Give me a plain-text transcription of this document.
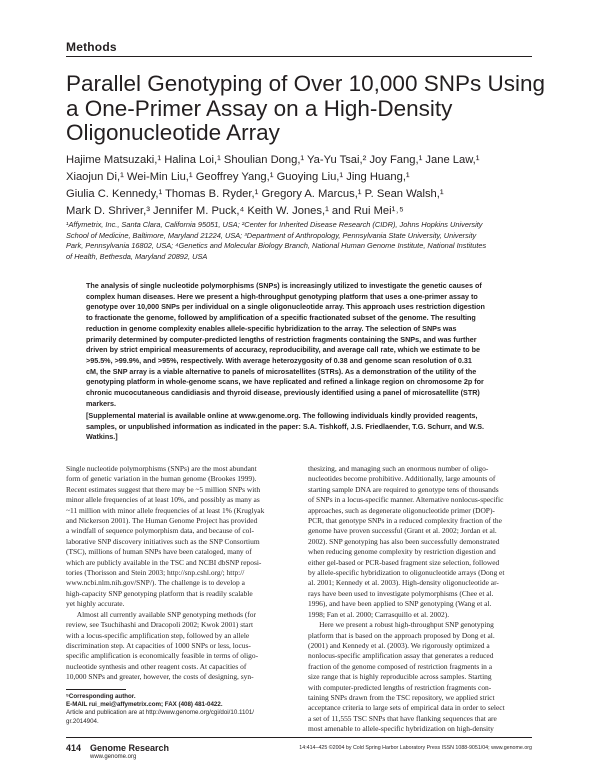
Methods
Parallel Genotyping of Over 10,000 SNPs Using
a One-Primer Assay on a High-Density
Oligonucleotide Array
Hajime Matsuzaki,¹ Halina Loi,¹ Shoulian Dong,¹ Ya-Yu Tsai,² Joy Fang,¹ Jane Law,¹
Xiaojun Di,¹ Wei-Min Liu,¹ Geoffrey Yang,¹ Guoying Liu,¹ Jing Huang,¹
Giulia C. Kennedy,¹ Thomas B. Ryder,¹ Gregory A. Marcus,¹ P. Sean Walsh,¹
Mark D. Shriver,³ Jennifer M. Puck,⁴ Keith W. Jones,¹ and Rui Mei¹˒⁵
¹Affymetrix, Inc., Santa Clara, California 95051, USA; ²Center for Inherited Disease Research (CIDR), Johns Hopkins University
School of Medicine, Baltimore, Maryland 21224, USA; ³Department of Anthropology, Pennsylvania State University, University
Park, Pennsylvania 16802, USA; ⁴Genetics and Molecular Biology Branch, National Human Genome Institute, National Institutes
of Health, Bethesda, Maryland 20892, USA
The analysis of single nucleotide polymorphisms (SNPs) is increasingly utilized to investigate the genetic causes of
complex human diseases. Here we present a high-throughput genotyping platform that uses a one-primer assay to
genotype over 10,000 SNPs per individual on a single oligonucleotide array. This approach uses restriction digestion
to fractionate the genome, followed by amplification of a specific fractionated subset of the genome. The resulting
reduction in genome complexity enables allele-specific hybridization to the array. The selection of SNPs was
primarily determined by computer-predicted lengths of restriction fragments containing the SNPs, and was further
driven by strict empirical measurements of accuracy, reproducibility, and average call rate, which we estimate to be
>95.5%, >99.9%, and >95%, respectively. With average heterozygosity of 0.38 and genome scan resolution of 0.31
cM, the SNP array is a viable alternative to panels of microsatellites (STRs). As a demonstration of the utility of the
genotyping platform in whole-genome scans, we have replicated and refined a linkage region on chromosome 2p for
chronic mucocutaneous candidiasis and thyroid disease, previously identified using a panel of microsatellite (STR)
markers.
[Supplemental material is available online at www.genome.org. The following individuals kindly provided reagents,
samples, or unpublished information as indicated in the paper: S.A. Tishkoff, J.S. Friedlaender, T.G. Schurr, and W.S.
Watkins.]
Single nucleotide polymorphisms (SNPs) are the most abundant
form of genetic variation in the human genome (Brookes 1999).
Recent estimates suggest that there may be ~5 million SNPs with
minor allele frequencies of at least 10%, and possibly as many as
~11 million with minor allele frequencies of at least 1% (Kruglyak
and Nickerson 2001). The Human Genome Project has provided
a windfall of sequence polymorphism data, and because of col-
laborative SNP discovery initiatives such as the SNP Consortium
(TSC), millions of human SNPs have been cataloged, many of
which are publicly available in the TSC and NCBI dbSNP reposi-
tories (Thorisson and Stein 2003; http://snp.cshl.org/; http://
www.ncbi.nlm.nih.gov/SNP/). The challenge is to develop a
high-capacity SNP genotyping platform that is readily scalable
yet highly accurate.
Almost all currently available SNP genotyping methods (for
review, see Tsuchihashi and Dracopoli 2002; Kwok 2001) start
with a locus-specific amplification step, followed by an allele
discrimination step. At capacities of 1000 SNPs or less, locus-
specific amplification is economically feasible in terms of oligo-
nucleotide synthesis and other reagent costs. At capacities of
10,000 SNPs and greater, however, the costs of designing, syn-
thesizing, and managing such an enormous number of oligo-
nucleotides become prohibitive. Additionally, large amounts of
starting sample DNA are required to genotype tens of thousands
of SNPs in a locus-specific manner. Alternative nonlocus-specific
approaches, such as degenerate oligonucleotide primer (DOP)-
PCR, that genotype SNPs in a reduced complexity fraction of the
genome have proven successful (Grant et al. 2002; Jordan et al.
2002). SNP genotyping has also been successfully demonstrated
when reducing genome complexity by restriction digestion and
either gel-based or PCR-based fragment size selection, followed
by allele-specific hybridization to oligonucleotide arrays (Dong et
al. 2001; Kennedy et al. 2003). High-density oligonucleotide ar-
rays have been used to investigate polymorphisms (Chee et al.
1996), and have been applied to SNP genotyping (Wang et al.
1998; Fan et al. 2000; Carrasquillo et al. 2002).
Here we present a robust high-throughput SNP genotyping
platform that is based on the approach proposed by Dong et al.
(2001) and Kennedy et al. (2003). We rigorously optimized a
nonlocus-specific amplification assay that generates a reduced
fraction of the genome composed of restriction fragments in a
size range that is highly reproducible across samples. Starting
with computer-predicted lengths of restriction fragments con-
taining SNPs drawn from the TSC repository, we applied strict
acceptance criteria to large sets of empirical data in order to select
a set of 11,555 TSC SNPs that have flanking sequences that are
most amenable to allele-specific hybridization on high-density
⁵Corresponding author.
E-MAIL rui_mei@affymetrix.com; FAX (408) 481-0422.
Article and publication are at http://www.genome.org/cgi/doi/10.1101/
gr.2014904.
414 Genome Research
www.genome.org
14:414–425 ©2004 by Cold Spring Harbor Laboratory Press ISSN 1088-9051/04; www.genome.org
